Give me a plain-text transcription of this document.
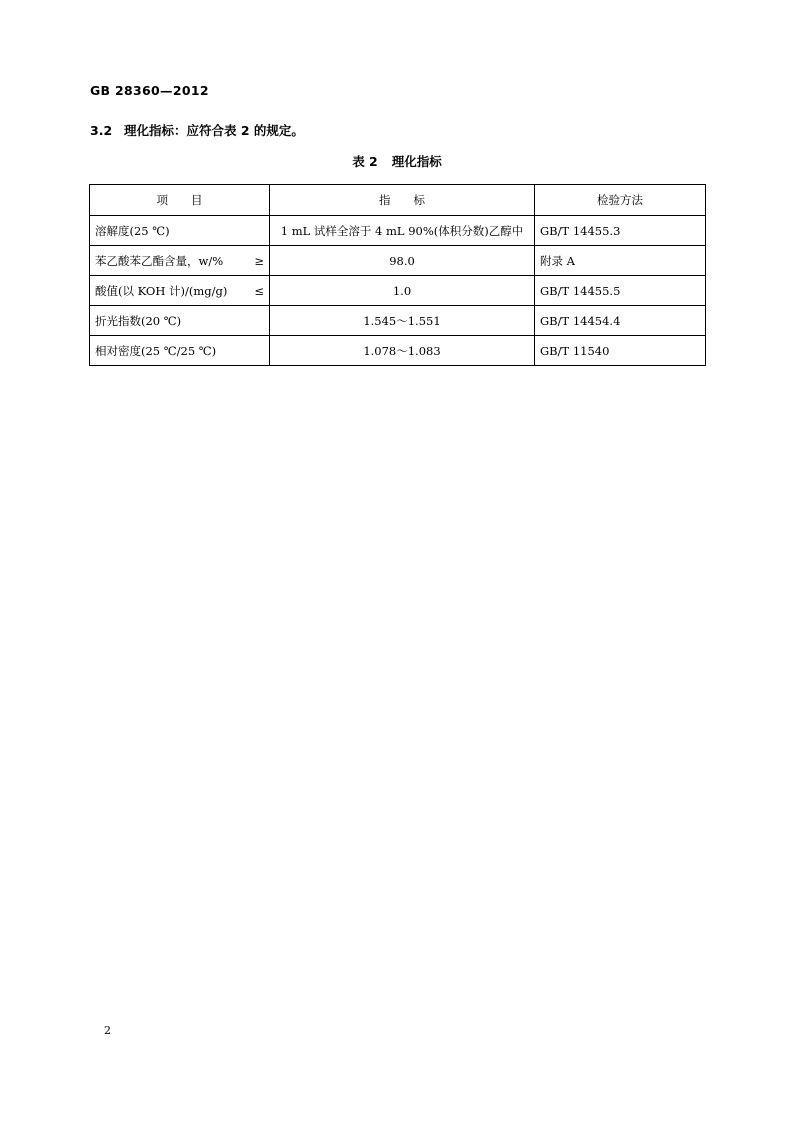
GB 28360—2012
3.2 理化指标：应符合表 2 的规定。
表 2 理化指标
项　　目	指　　标	检验方法

溶解度(25 ℃)	1 mL 试样全溶于 4 mL 90%(体积分数)乙醇中	GB/T 14455.3

苯乙酸苯乙酯含量，w/% ≥	98.0	附录 A

酸值(以 KOH 计)/(mg/g) ≤	1.0	GB/T 14455.5

折光指数(20 ℃)	1.545～1.551	GB/T 14454.4

相对密度(25 ℃/25 ℃)	1.078～1.083	GB/T 11540
2
